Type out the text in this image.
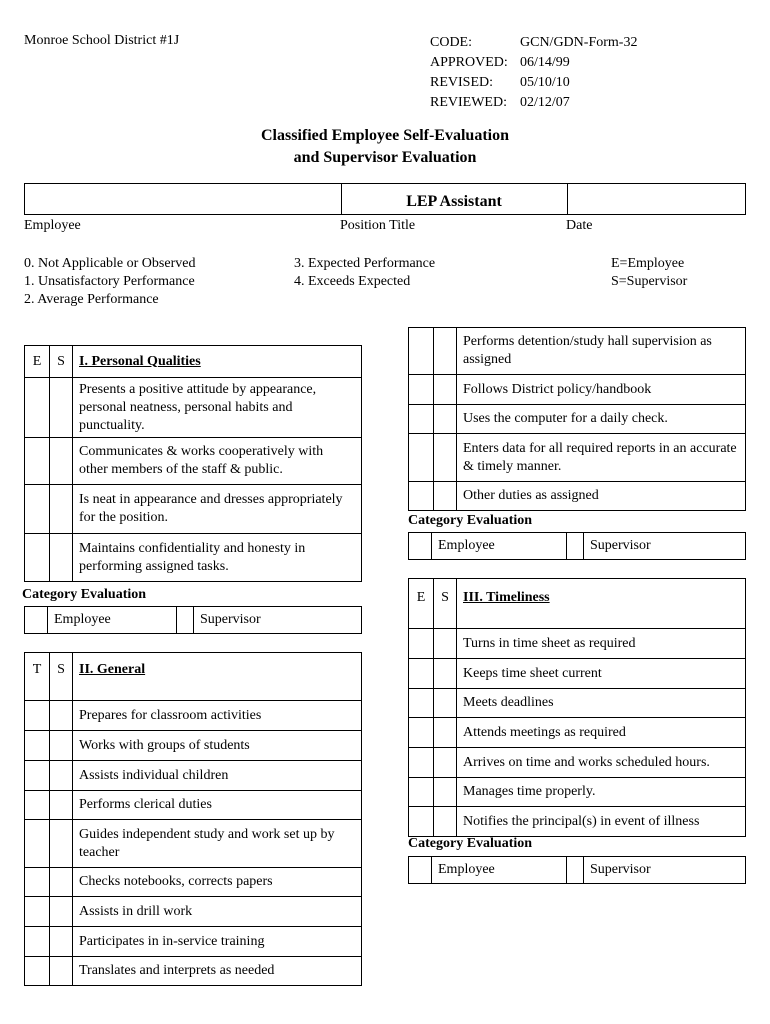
Monroe School District #1J	CODE:	GCN/GDN-Form-32
APPROVED: 06/14/99
REVISED:	05/10/10
REVIEWED: 02/12/07
Classified Employee Self-Evaluation
and Supervisor Evaluation
LEP Assistant
Employee	Position Title	Date
0. Not Applicable or Observed
1. Unsatisfactory Performance
2. Average Performance
3. Expected Performance
4. Exceeds Expected
E=Employee
S=Supervisor
E	S	I. Personal Qualities
		Presents a positive attitude by appearance, personal neatness, personal habits and punctuality.
		Communicates & works cooperatively with other members of the staff & public.
		Is neat in appearance and dresses appropriately for the position.
		Maintains confidentiality and honesty in performing assigned tasks.
Category Evaluation
	Employee		Supervisor
T	S	II. General
		Prepares for classroom activities
		Works with groups of students
		Assists individual children
		Performs clerical duties
		Guides independent study and work set up by teacher
		Checks notebooks, corrects papers
		Assists in drill work
		Participates in in-service training
		Translates and interprets as needed
		Performs detention/study hall supervision as assigned
		Follows District policy/handbook
		Uses the computer for a daily check.
		Enters data for all required reports in an accurate & timely manner.
		Other duties as assigned
Category Evaluation
	Employee		Supervisor
E	S	III. Timeliness
		Turns in time sheet as required
		Keeps time sheet current
		Meets deadlines
		Attends meetings as required
		Arrives on time and works scheduled hours.
		Manages time properly.
		Notifies the principal(s) in event of illness
Category Evaluation
	Employee		Supervisor
